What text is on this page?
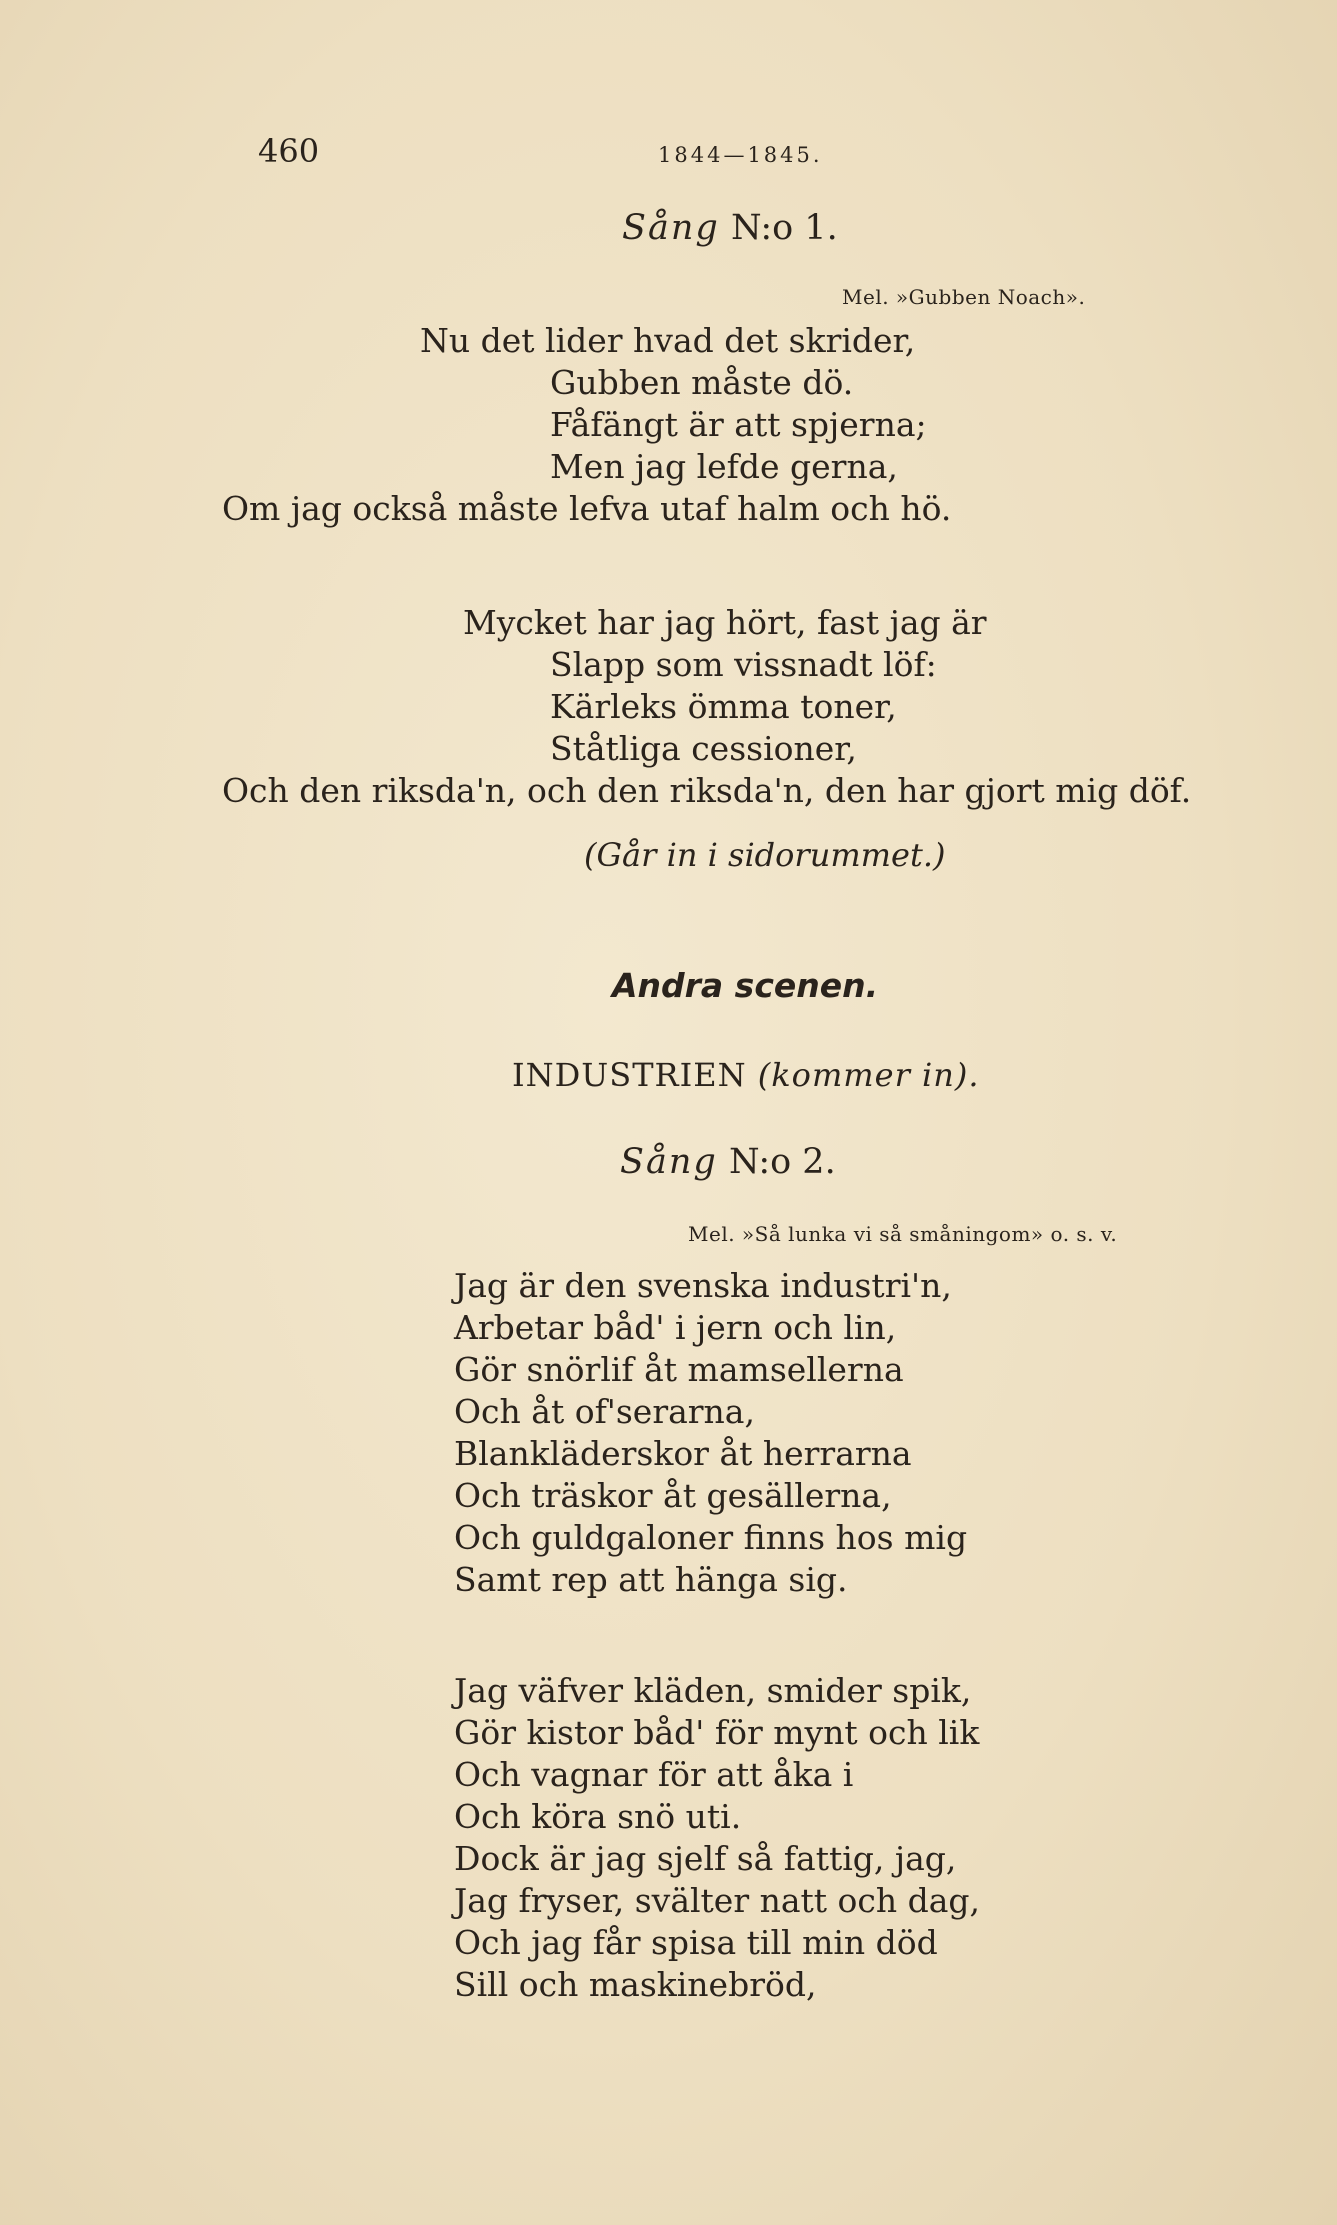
460	1844—1845.
Sång N:o 1.
Mel. »Gubben Noach».
Nu det lider hvad det skrider,
Gubben måste dö.
Fåfängt är att spjerna;
Men jag lefde gerna,
Om jag också måste lefva utaf halm och hö.
Mycket har jag hört, fast jag är
Slapp som vissnadt löf:
Kärleks ömma toner,
Ståtliga cessioner,
Och den riksda'n, och den riksda'n, den har gjort mig döf.
(Går in i sidorummet.)
Andra scenen.
INDUSTRIEN (kommer in).
Sång N:o 2.
Mel. »Så lunka vi så småningom» o. s. v.
Jag är den svenska industri'n,
Arbetar båd' i jern och lin,
Gör snörlif åt mamsellerna
Och åt of'serarna,
Blankläderskor åt herrarna
Och träskor åt gesällerna,
Och guldgaloner finns hos mig
Samt rep att hänga sig.
Jag väfver kläden, smider spik,
Gör kistor båd' för mynt och lik
Och vagnar för att åka i
Och köra snö uti.
Dock är jag sjelf så fattig, jag,
Jag fryser, svälter natt och dag,
Och jag får spisa till min död
Sill och maskinebröd,
